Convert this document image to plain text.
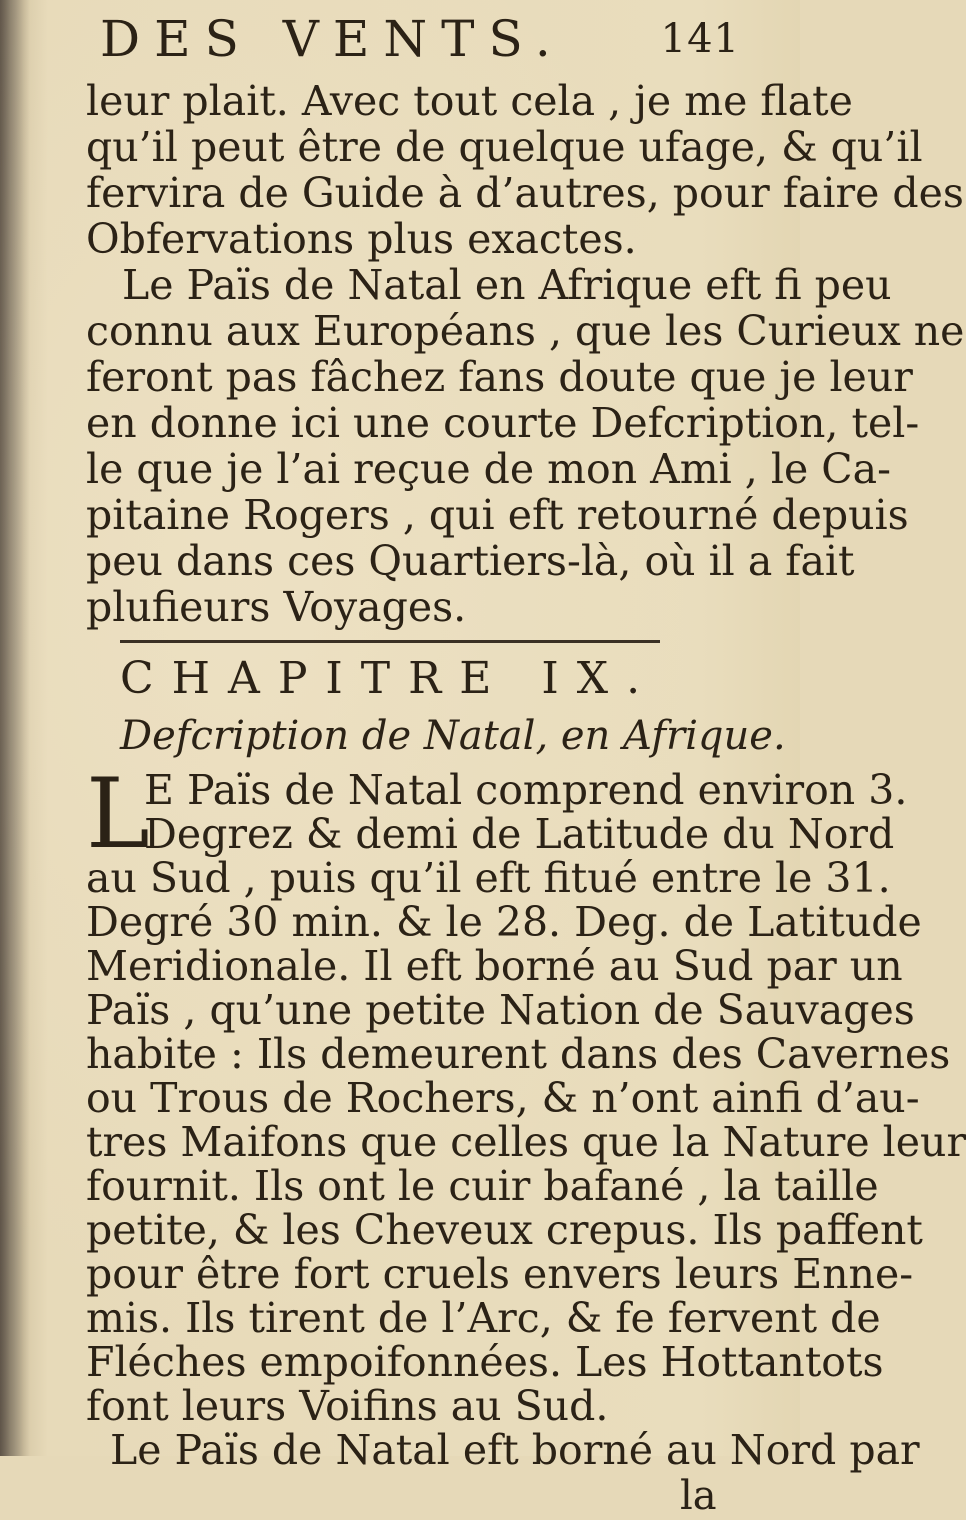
DES VENTS. 141
leur plait. Avec tout cela , je me flate
qu’il peut être de quelque ufage, & qu’il
fervira de Guide à d’autres, pour faire des
Obfervations plus exactes.
Le Païs de Natal en Afrique eft fi peu
connu aux Européans , que les Curieux ne
feront pas fâchez fans doute que je leur
en donne ici une courte Defcription, tel-
le que je l’ai reçue de mon Ami , le Ca-
pitaine Rogers , qui eft retourné depuis
CHAPITRE IX.
Defcription de Natal, en Afrique.
L
E Païs de Natal comprend environ 3.
Degrez & demi de Latitude du Nord
au Sud , puis qu’il eft fitué entre le 31.
Degré 30 min. & le 28. Deg. de Latitude
Meridionale. Il eft borné au Sud par un
Païs , qu’une petite Nation de Sauvages
habite : Ils demeurent dans des Cavernes
ou Trous de Rochers, & n’ont ainfi d’au-
tres Maifons que celles que la Nature leur
fournit. Ils ont le cuir bafané , la taille
petite, & les Cheveux crepus. Ils paffent
pour être fort cruels envers leurs Enne-
mis. Ils tirent de l’Arc, & fe fervent de
Fléches empoifonnées. Les Hottantots
peu dans ces Quartiers-là, où il a fait
plufieurs Voyages.
font leurs Voifins au Sud.
Le Païs de Natal eft borné au Nord par
la
